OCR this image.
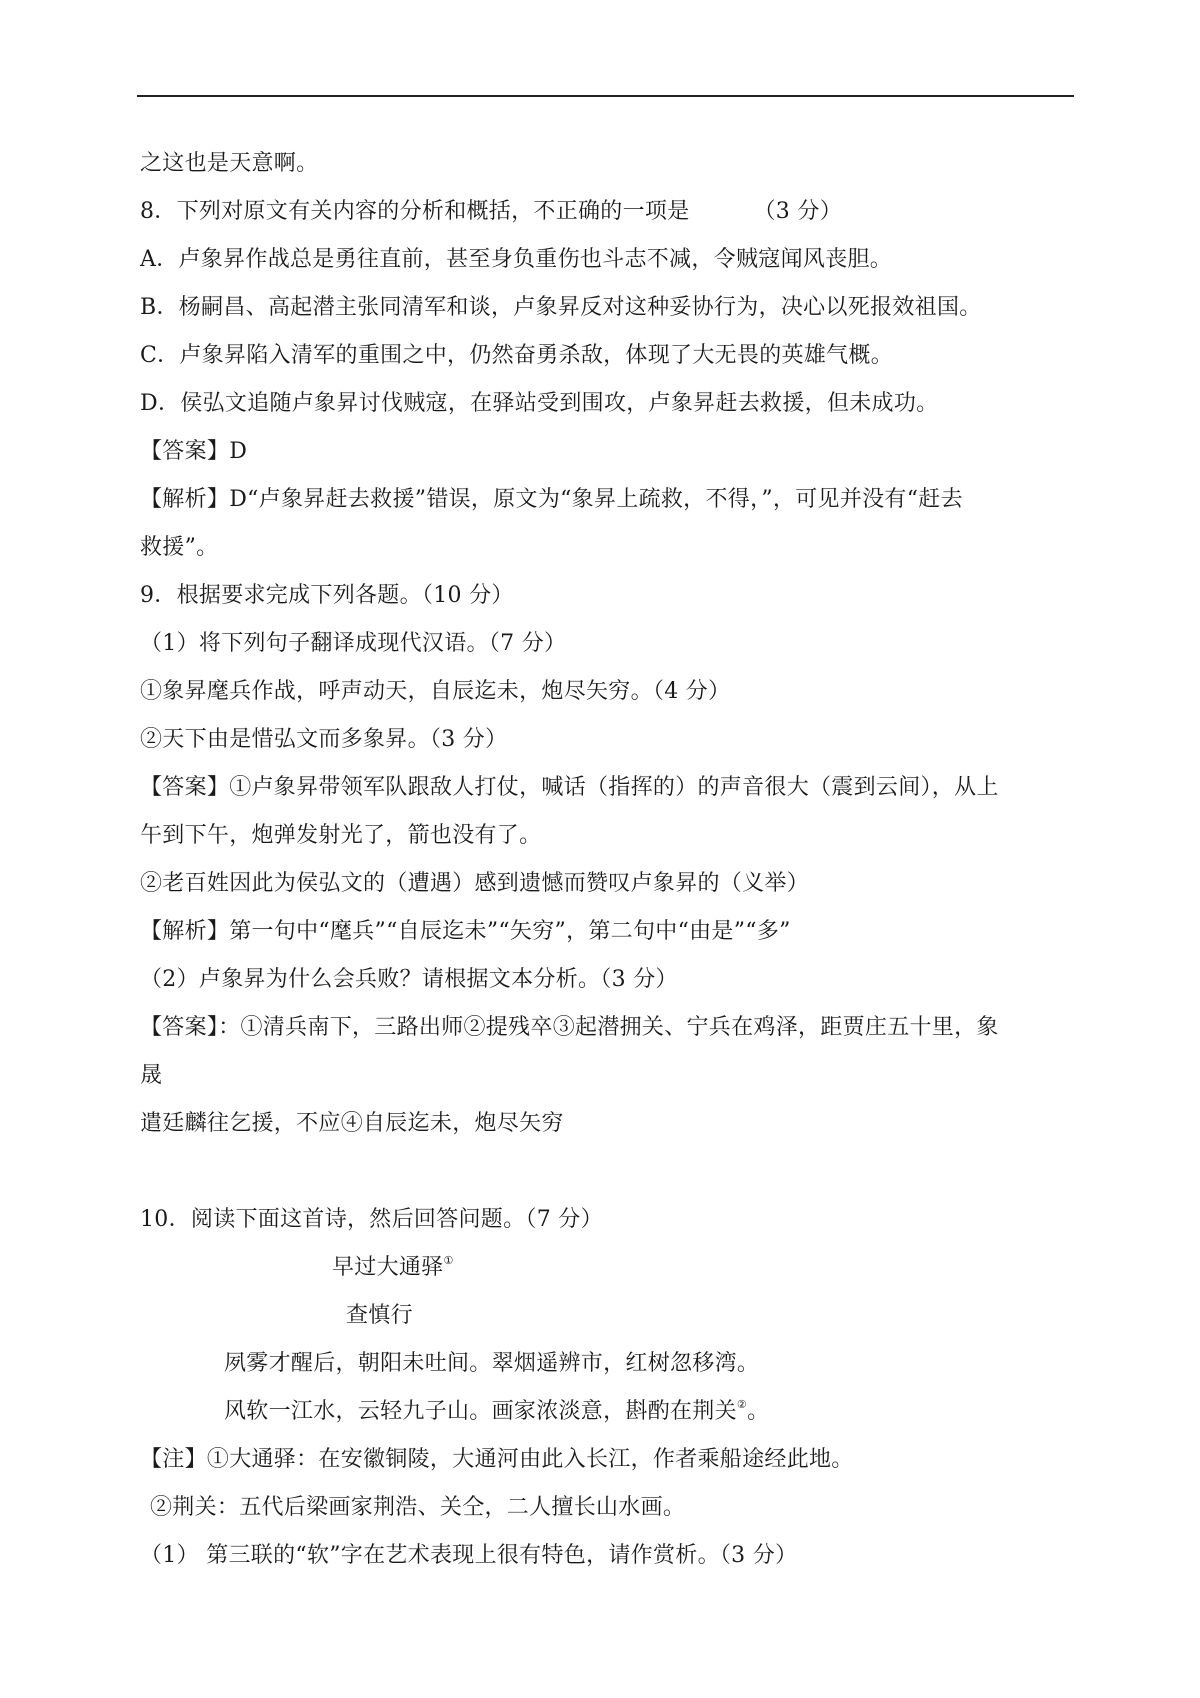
之这也是天意啊。
8．下列对原文有关内容的分析和概括，不正确的一项是	（3 分）
A．卢象昇作战总是勇往直前，甚至身负重伤也斗志不减，令贼寇闻风丧胆。
B．杨嗣昌、高起潜主张同清军和谈，卢象昇反对这种妥协行为，决心以死报效祖国。
C．卢象昇陷入清军的重围之中，仍然奋勇杀敌，体现了大无畏的英雄气概。
D．侯弘文追随卢象昇讨伐贼寇，在驿站受到围攻，卢象昇赶去救援，但未成功。
【答案】D
【解析】D“卢象昇赶去救援”错误，原文为“象昇上疏救，不得，”，可见并没有“赶去
救援”。
9．根据要求完成下列各题。（10 分）
（1）将下列句子翻译成现代汉语。（7 分）
①象昇麾兵作战，呼声动天，自辰迄未，炮尽矢穷。（4 分）
②天下由是惜弘文而多象昇。（3 分）
【答案】①卢象昇带领军队跟敌人打仗，喊话（指挥的）的声音很大（震到云间），从上
午到下午，炮弹发射光了，箭也没有了。
②老百姓因此为侯弘文的（遭遇）感到遗憾而赞叹卢象昇的（义举）
【解析】第一句中“麾兵”“自辰迄未”“矢穷”，第二句中“由是”“多”
（2）卢象昇为什么会兵败？请根据文本分析。（3 分）
【答案】：①清兵南下，三路出师②提残卒③起潜拥关、宁兵在鸡泽，距贾庄五十里，象
晟
遣廷麟往乞援，不应④自辰迄未，炮尽矢穷
10．阅读下面这首诗，然后回答问题。（7 分）
早过大通驿①
查慎行
夙雾才醒后，朝阳未吐间。翠烟遥辨市，红树忽移湾。
风软一江水，云轻九子山。画家浓淡意，斟酌在荆关②。
【注】①大通驿：在安徽铜陵，大通河由此入长江，作者乘船途经此地。
②荆关：五代后梁画家荆浩、关仝，二人擅长山水画。
（1） 第三联的“软”字在艺术表现上很有特色，请作赏析。（3 分）
